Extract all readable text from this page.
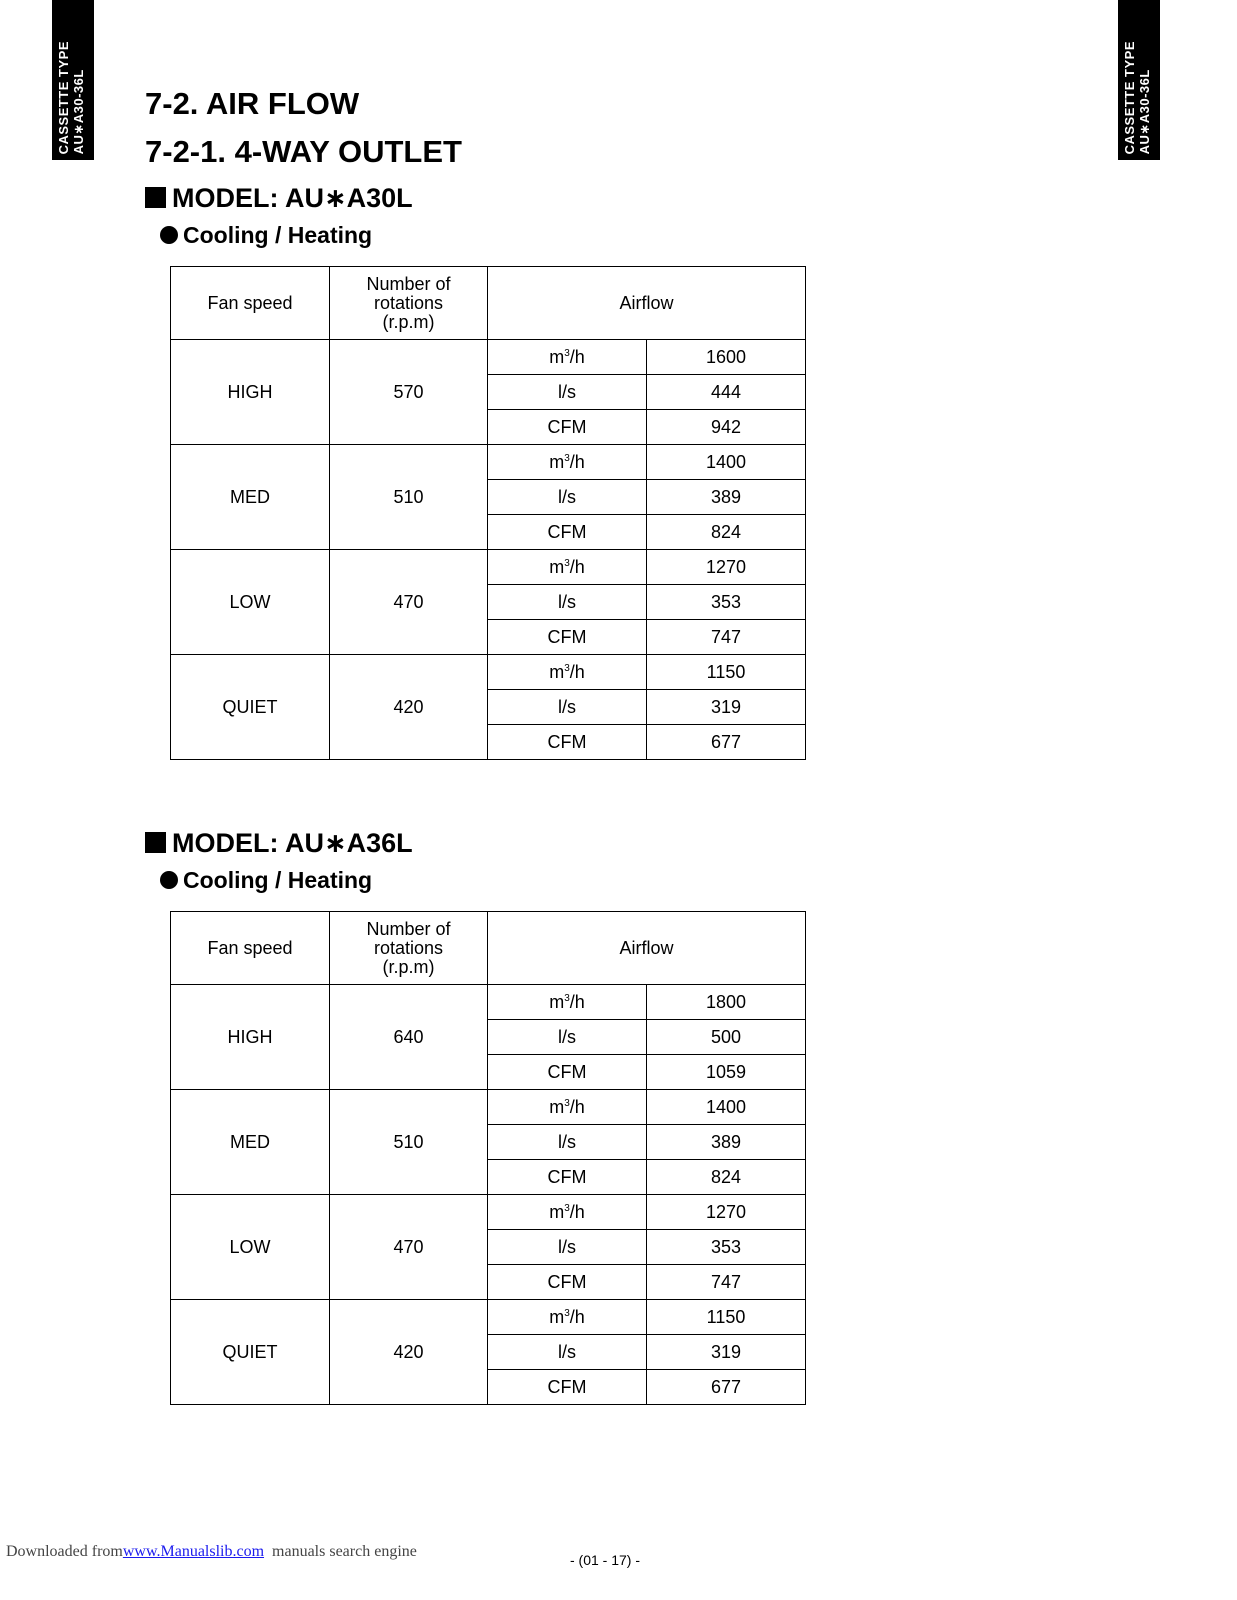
CASSETTE TYPE AU∗A30-36L	CASSETTE TYPE AU∗A30-36L
7-2. AIR FLOW
7-2-1. 4-WAY OUTLET
MODEL: AU∗A30L
Cooling / Heating
Fan speed	Number of
rotations
(r.p.m)	Airflow	
HIGH	570	$m^3/h$	1600
		l/s	444
		CFM	942
MED	510	$m^3/h$	1400
		l/s	389
		CFM	824
LOW	470	$m^3/h$	1270
		l/s	353
		CFM	747
QUIET	420	$m^3/h$	1150
		l/s	319
		CFM	677
MODEL: AU∗A36L
Cooling / Heating
Fan speed	Number of
rotations
(r.p.m)	Airflow	
HIGH	640	$m^3/h$	1800
		l/s	500
		CFM	1059
MED	510	$m^3/h$	1400
		l/s	389
		CFM	824
LOW	470	$m^3/h$	1270
		l/s	353
		CFM	747
QUIET	420	$m^3/h$	1150
		l/s	319
		CFM	677
Downloaded fromwww.Manualslib.com manuals search engine	- (01 - 17) -
